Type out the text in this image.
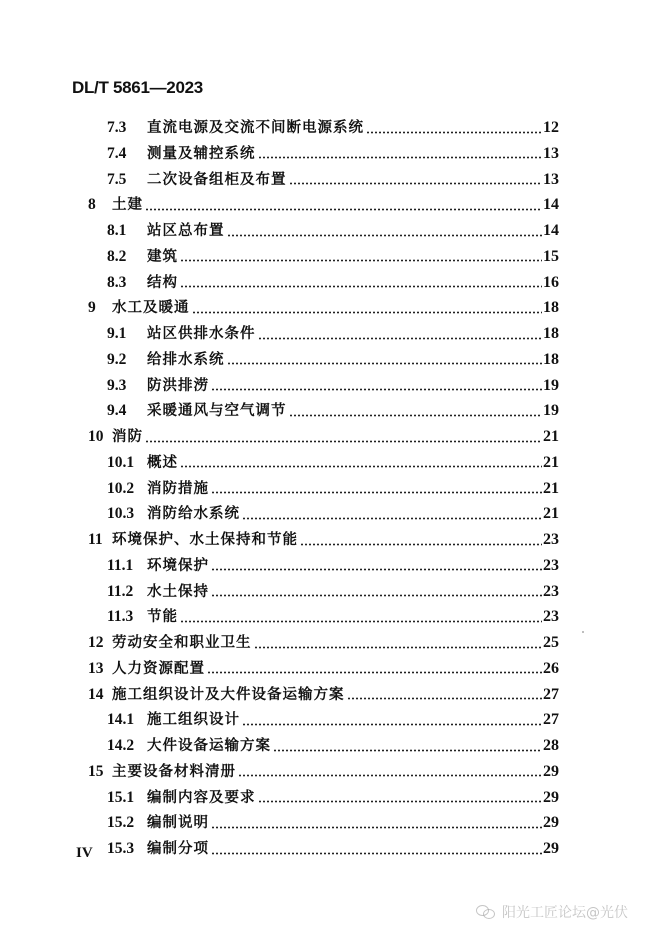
DL/T 5861—2023
7.3	直流电源及交流不间断电源系统	12
7.4	测量及辅控系统	13
7.5	二次设备组柜及布置	13
8	土建	14
8.1	站区总布置	14
8.2	建筑	15
8.3	结构	16
9	水工及暖通	18
9.1	站区供排水条件	18
9.2	给排水系统	18
9.3	防洪排涝	19
9.4	采暖通风与空气调节	19
10 消防	21
10.1 概述	21
10.2 消防措施	21
10.3 消防给水系统	21
11 环境保护、水土保持和节能	23
11.1 环境保护	23
11.2 水土保持	23
11.3 节能	23
12 劳动安全和职业卫生	25
13 人力资源配置	26
14 施工组织设计及大件设备运输方案	27
14.1 施工组织设计	27
14.2 大件设备运输方案	28
15 主要设备材料清册	29
15.1 编制内容及要求	29
15.2 编制说明	29
15.3 编制分项	29
IV
阳光工匠论坛@光伏
